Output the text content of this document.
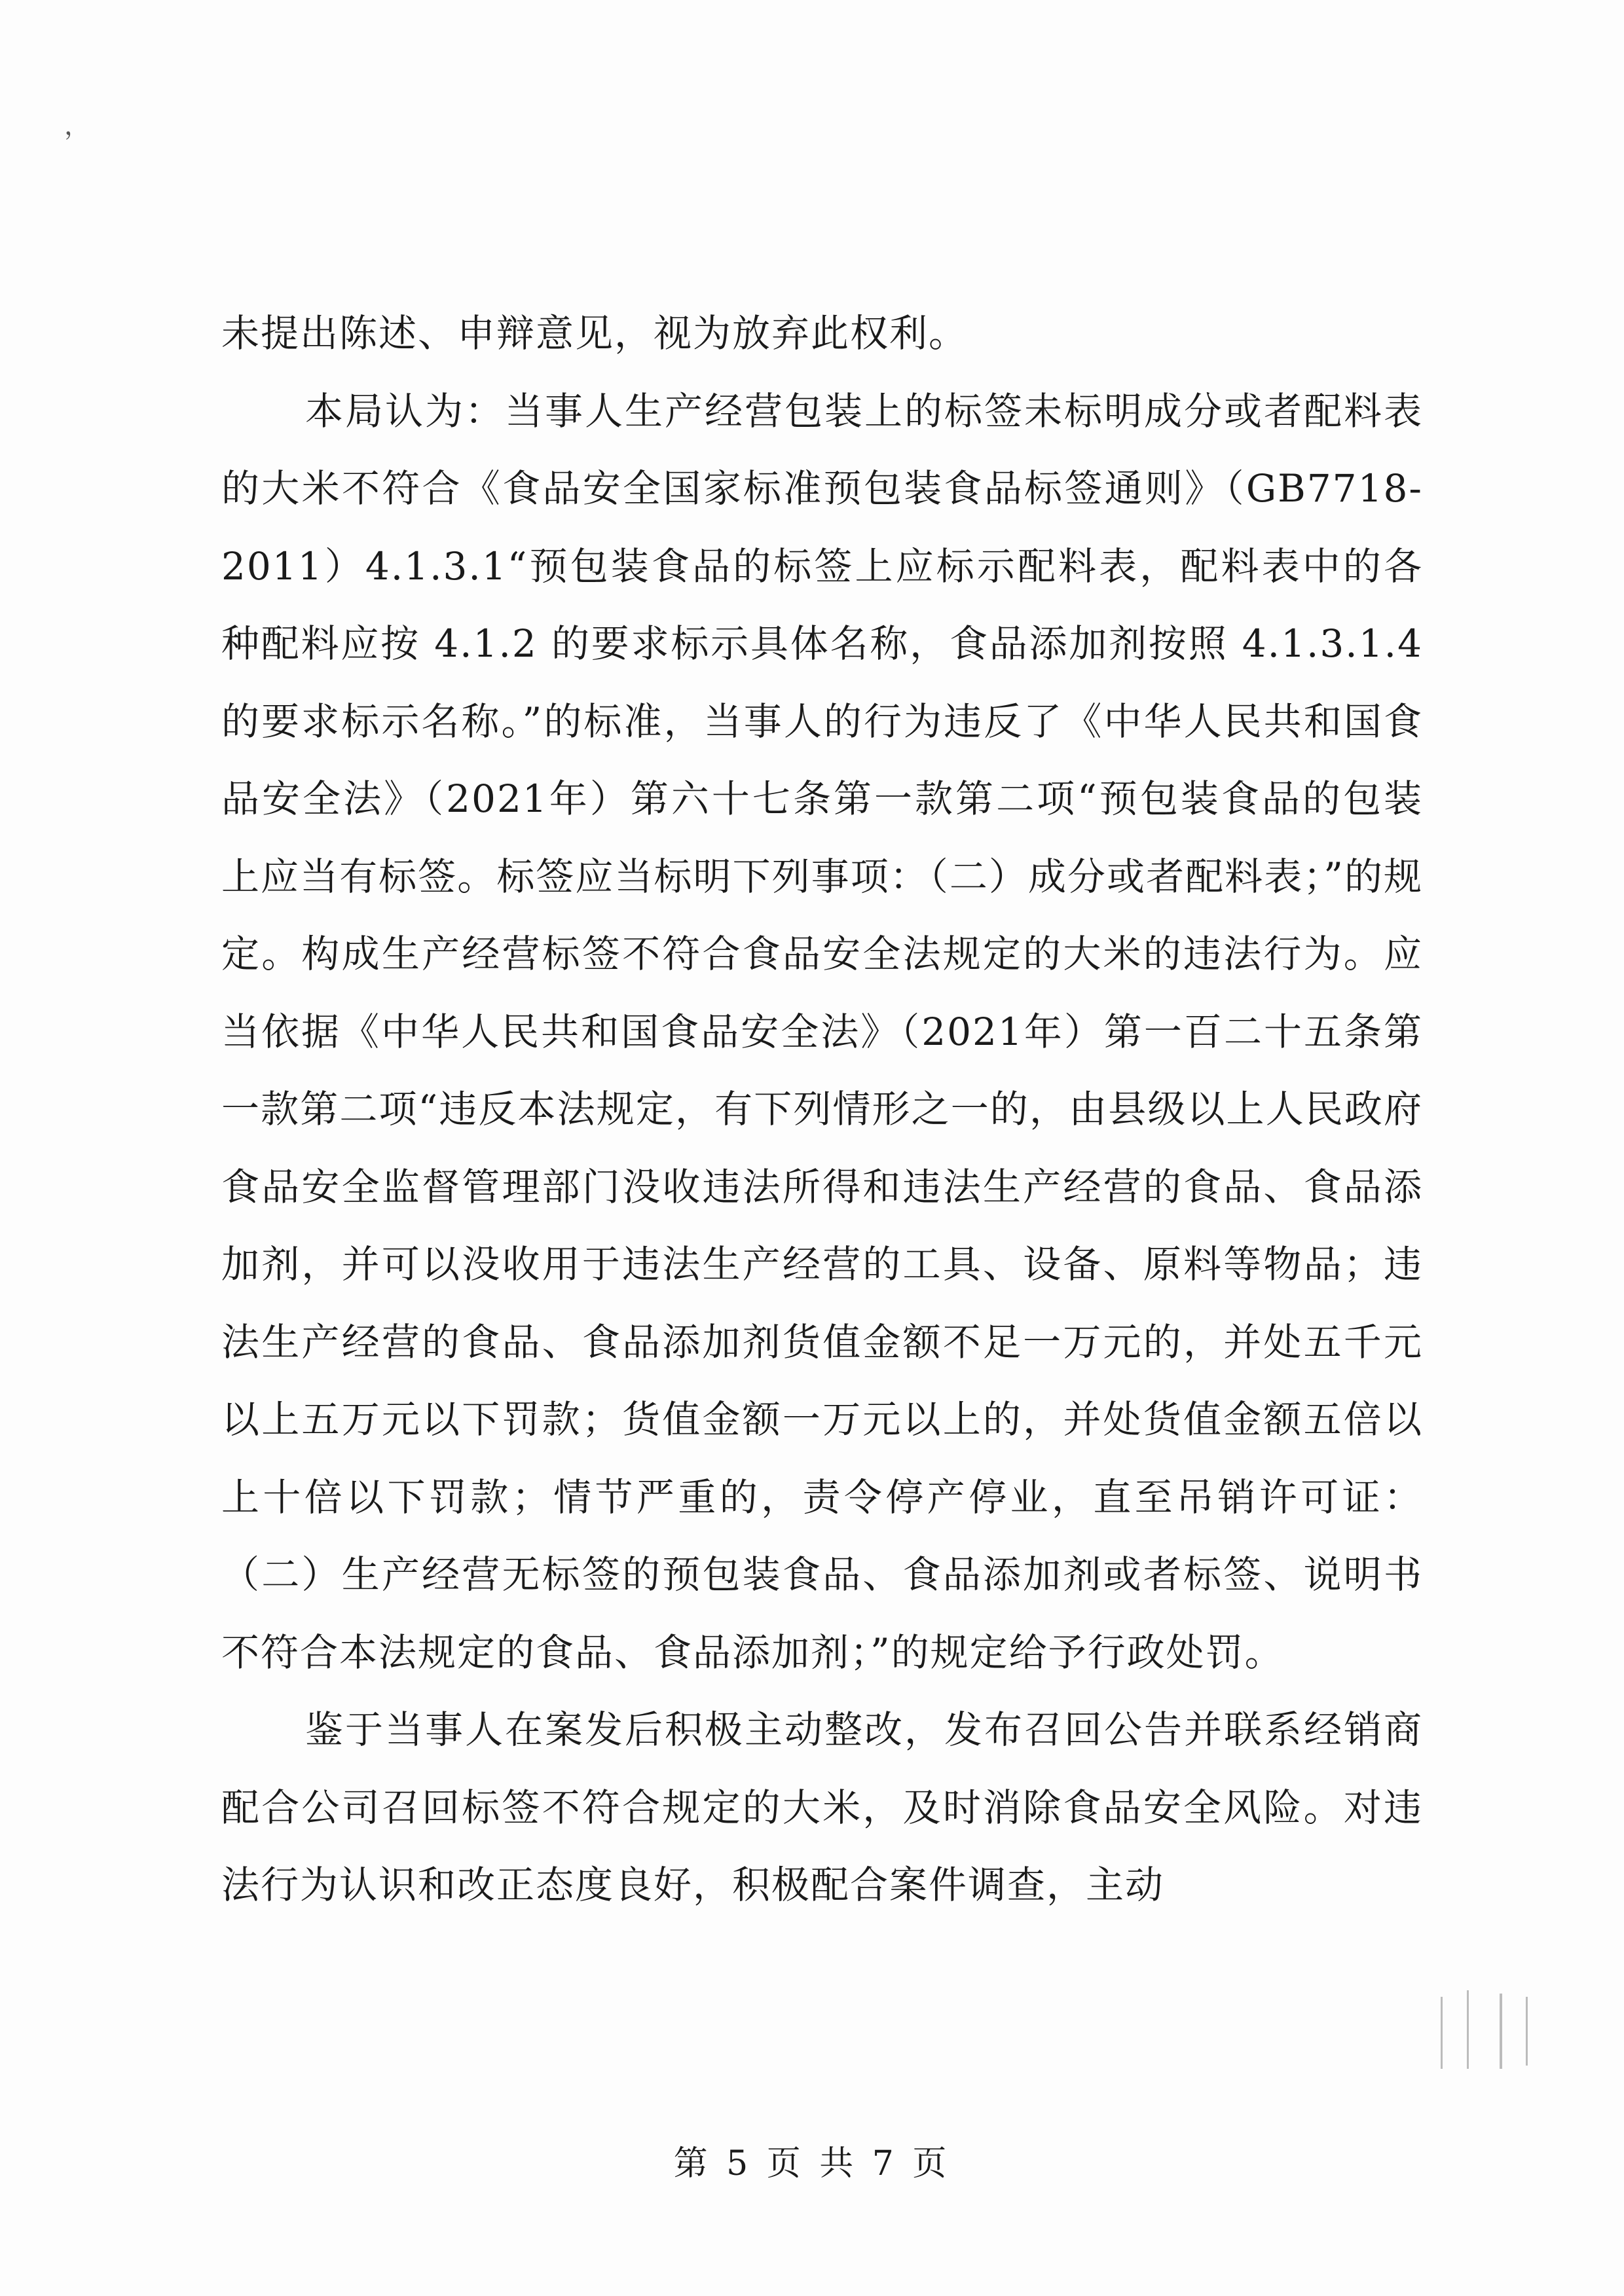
，

未提出陈述、申辩意见，视为放弃此权利。

本局认为：当事人生产经营包装上的标签未标明成分或者配料表的大米不符合《食品安全国家标准预包装食品标签通则》（GB7718-2011）4.1.3.1“预包装食品的标签上应标示配料表，配料表中的各种配料应按 4.1.2 的要求标示具体名称，食品添加剂按照 4.1.3.1.4 的要求标示名称。”的标准，当事人的行为违反了《中华人民共和国食品安全法》（2021年）第六十七条第一款第二项“预包装食品的包装上应当有标签。标签应当标明下列事项：（二）成分或者配料表；”的规定。构成生产经营标签不符合食品安全法规定的大米的违法行为。应当依据《中华人民共和国食品安全法》（2021年）第一百二十五条第一款第二项“违反本法规定，有下列情形之一的，由县级以上人民政府食品安全监督管理部门没收违法所得和违法生产经营的食品、食品添加剂，并可以没收用于违法生产经营的工具、设备、原料等物品；违法生产经营的食品、食品添加剂货值金额不足一万元的，并处五千元以上五万元以下罚款；货值金额一万元以上的，并处货值金额五倍以上十倍以下罚款；情节严重的，责令停产停业，直至吊销许可证：（二）生产经营无标签的预包装食品、食品添加剂或者标签、说明书不符合本法规定的食品、食品添加剂；”的规定给予行政处罚。

鉴于当事人在案发后积极主动整改，发布召回公告并联系经销商配合公司召回标签不符合规定的大米，及时消除食品安全风险。对违法行为认识和改正态度良好，积极配合案件调查，主动

第 5 页 共 7 页
